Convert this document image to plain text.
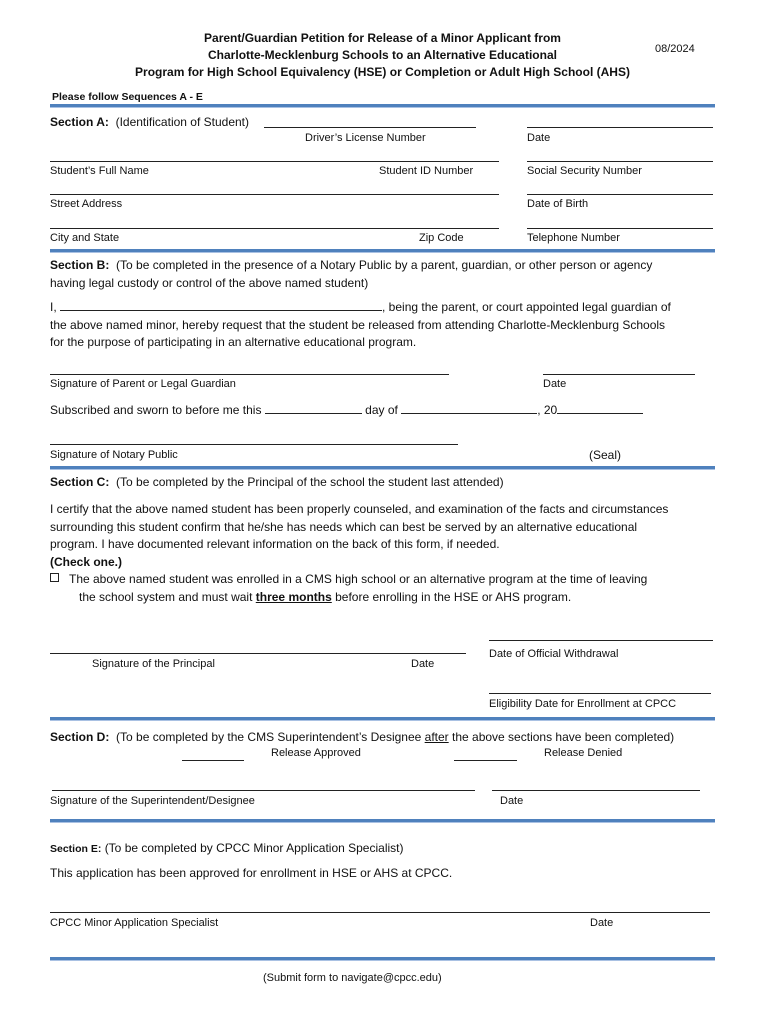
Parent/Guardian Petition for Release of a Minor Applicant from
Charlotte-Mecklenburg Schools to an Alternative Educational
Program for High School Equivalency (HSE) or Completion or Adult High School (AHS)
08/2024
Please follow Sequences A - E
Section A: (Identification of Student)
Driver’s License Number	Date
Student’s Full Name	Student ID Number	Social Security Number
Street Address	Date of Birth
City and State	Zip Code	Telephone Number
Section B: (To be completed in the presence of a Notary Public by a parent, guardian, or other person or agency
having legal custody or control of the above named student)
I,	, being the parent, or court appointed legal guardian of
the above named minor, hereby request that the student be released from attending Charlotte-Mecklenburg Schools
for the purpose of participating in an alternative educational program.
Signature of Parent or Legal Guardian	Date
Subscribed and sworn to before me this	day of	, 20
Signature of Notary Public	(Seal)
Section C: (To be completed by the Principal of the school the student last attended)
I certify that the above named student has been properly counseled, and examination of the facts and circumstances
surrounding this student confirm that he/she has needs which can best be served by an alternative educational
program. I have documented relevant information on the back of this form, if needed.
(Check one.)
The above named student was enrolled in a CMS high school or an alternative program at the time of leaving
the school system and must wait three months before enrolling in the HSE or AHS program.
Date of Official Withdrawal
Signature of the Principal	Date
Eligibility Date for Enrollment at CPCC
Section D: (To be completed by the CMS Superintendent’s Designee after the above sections have been completed)
Release Approved	Release Denied
Signature of the Superintendent/Designee	Date
Section E: (To be completed by CPCC Minor Application Specialist)
This application has been approved for enrollment in HSE or AHS at CPCC.
CPCC Minor Application Specialist	Date
(Submit form to navigate@cpcc.edu)
